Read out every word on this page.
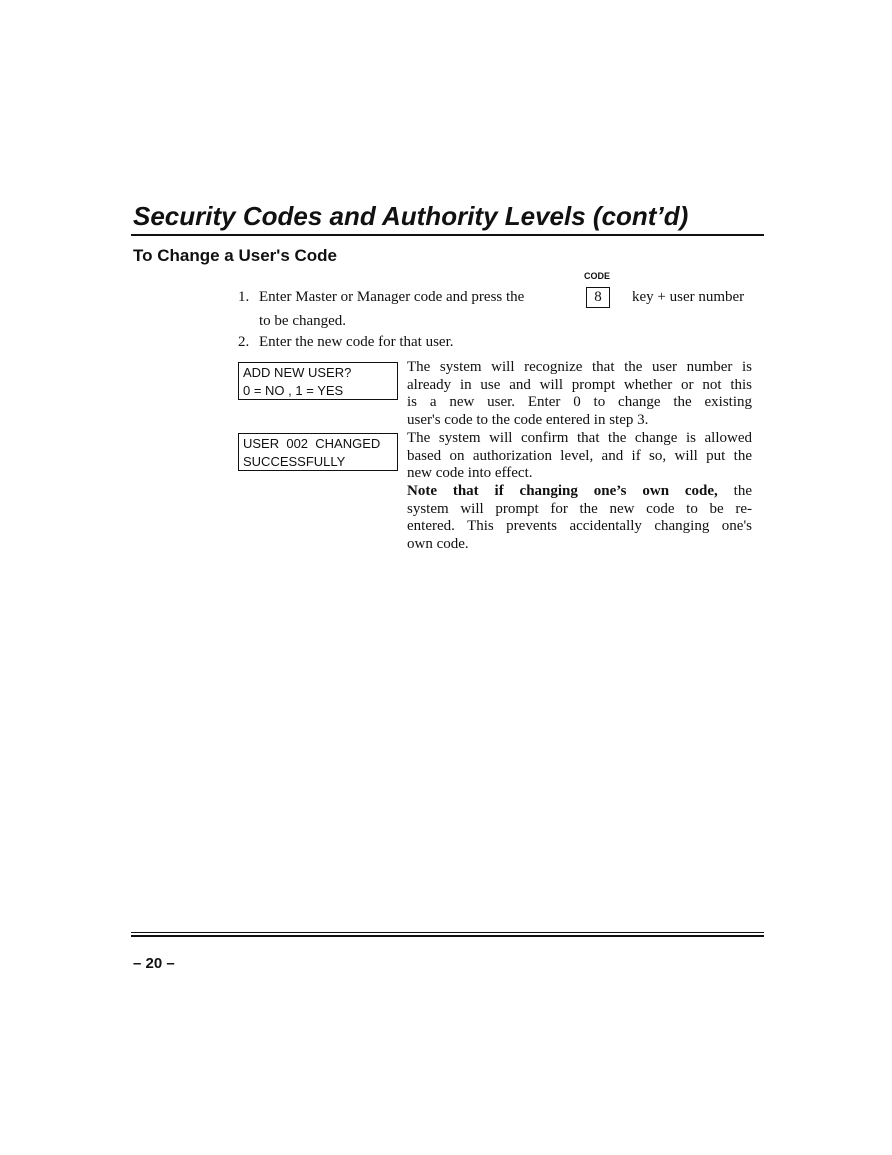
Security Codes and Authority Levels (cont’d)
To Change a User's Code
CODE
1. Enter Master or Manager code and press the	8	key + user number
to be changed.
2. Enter the new code for that user.
ADD NEW USER?
0 = NO , 1 = YES
The system will recognize that the user number is
already in use and will prompt whether or not this
is a new user. Enter 0 to change the existing
user's code to the code entered in step 3.
USER  002  CHANGED
SUCCESSFULLY
The system will confirm that the change is allowed
based on authorization level, and if so, will put the
new code into effect.
Note that if changing one’s own code, the
system will prompt for the new code to be re-
entered. This prevents accidentally changing one's
own code.
– 20 –
